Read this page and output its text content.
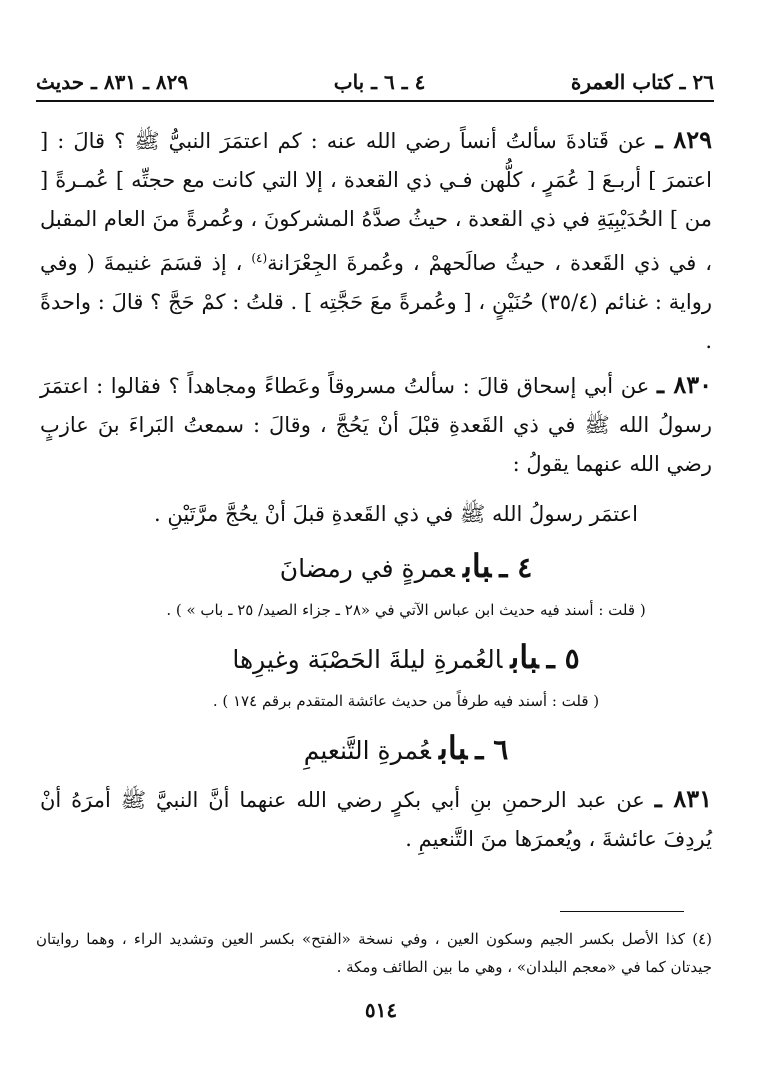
٢٦ ـ كتاب العمرة
٤ ـ ٦ ـ باب
٨٢٩ ـ ٨٣١ ـ حديث

٨٢٩ ـ عن قَتادةَ سألتُ أنساً رضي الله عنه : كم اعتمَرَ النبيُّ ﷺ ؟ قالَ : [ اعتمرَ ] أربـعَ [ عُمَرٍ ، كلُّهن فـي ذي القعدة ، إلا التي كانت مع حجتِّه ] عُمـرةً [ من ] الحُدَيْبِيَةِ في ذي القعدة ، حيثُ صدَّهُ المشركونَ ، وعُمرةً منَ العام المقبل ، في ذي القَعدة ، حيثُ صالَحهمْ ، وعُمرةَ الجِعْرَانة$^{(٤)}$ ، إذ قسَمَ غنيمةَ ( وفي رواية : غنائم (٣٥/٤) حُنَيْنٍ ، [ وعُمرةً معَ حَجَّتِه ] . قلتُ : كمْ حَجَّ ؟ قالَ : واحدةً .

٨٣٠ ـ عن أبي إسحاق قالَ : سألتُ مسروقاً وعَطاءً ومجاهداً ؟ فقالوا : اعتمَرَ رسولُ الله ﷺ في ذي القَعدةِ قبْلَ أنْ يَحُجَّ ، وقالَ : سمعتُ البَراءَ بنَ عازبٍ رضي الله عنهما يقولُ :

اعتمَر رسولُ الله ﷺ في ذي القَعدةِ قبلَ أنْ يحُجَّ مرَّتَيْنِ .
٤ ـبابعمرةٍ في رمضانَ
( قلت : أسند فيه حديث ابن عباس الآتي في «٢٨ ـ جزاء الصيد/ ٢٥ ـ باب » ) .
٥ ـبابالعُمرةِ ليلةَ الحَصْبَة وغيرِها
( قلت : أسند فيه طرفاً من حديث عائشة المتقدم برقم ١٧٤ ) .
٦ ـبابعُمرةِ التَّنعيمِ

٨٣١ ـ عن عبد الرحمنِ بنِ أبي بكرٍ رضي الله عنهما أنَّ النبيَّ ﷺ أمرَهُ أنْ يُردِفَ عائشةَ ، ويُعمرَها منَ التَّنعيمِ .

(٤) كذا الأصل بكسر الجيم وسكون العين ، وفي نسخة «الفتح» بكسر العين وتشديد الراء ، وهما روايتان جيدتان كما في «معجم البلدان» ، وهي ما بين الطائف ومكة .
٥١٤
